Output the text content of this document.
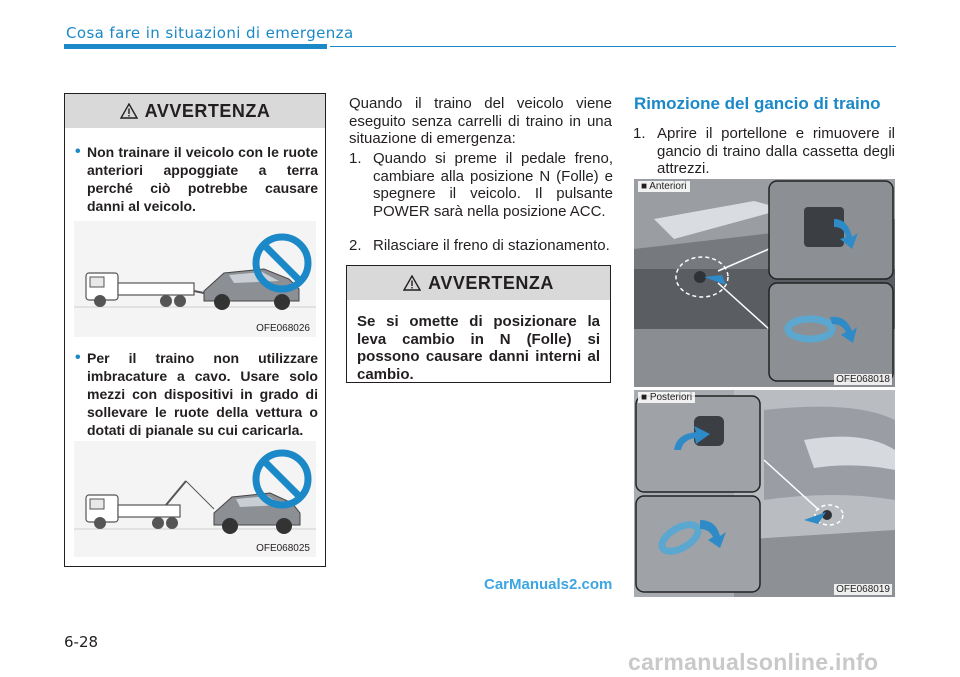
Cosa fare in situazioni di emergenza
AVVERTENZA
• Non trainare il veicolo con le ruote anteriori appoggiate a terra perché ciò potrebbe causare danni al veicolo.
OFE068026
• Per il traino non utilizzare imbracature a cavo. Usare solo mezzi con dispositivi in grado di sollevare le ruote della vettura o dotati di pianale su cui caricarla.
OFE068025
Quando il traino del veicolo viene eseguito senza carrelli di traino in una situazione di emergenza:
1. Quando si preme il pedale freno, cambiare alla posizione N (Folle) e spegnere il veicolo. Il pulsante POWER sarà nella posizione ACC.
2. Rilasciare il freno di stazionamento.
AVVERTENZA
Se si omette di posizionare la leva cambio in N (Folle) si possono causare danni interni al cambio.
Rimozione del gancio di traino
1. Aprire il portellone e rimuovere il gancio di traino dalla cassetta degli attrezzi.
■ Anteriori
OFE068018
■ Posteriori
OFE068019
CarManuals2.com
6-28
carmanualsonline.info
